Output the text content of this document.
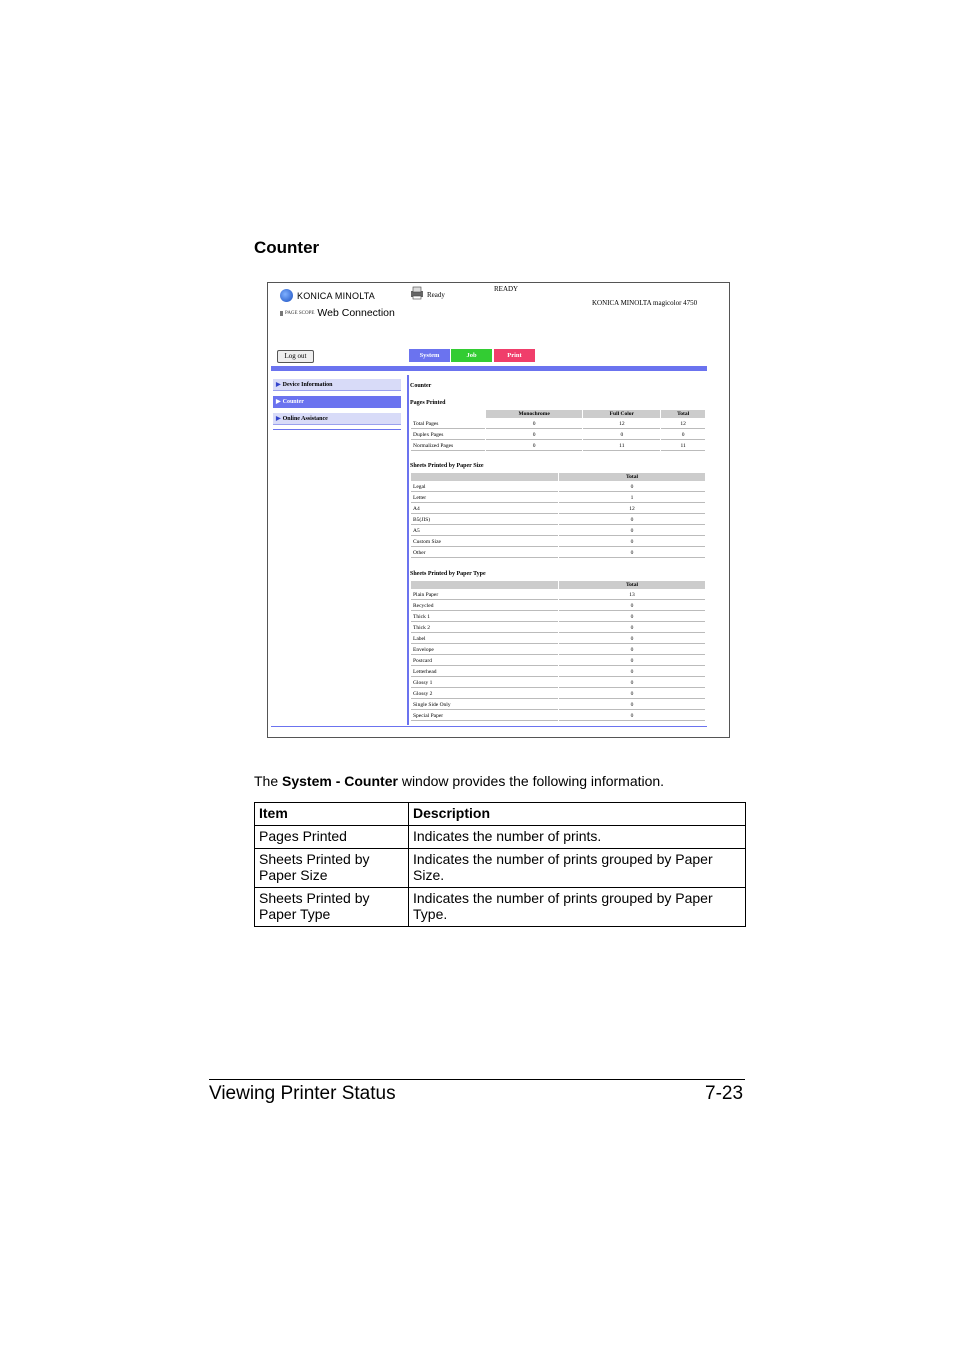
Counter
KONICA MINOLTA
PAGE SCOPE Web Connection
Ready
READY
KONICA MINOLTA magicolor 4750
Log out	System	Job	Print
▶ Device Information
▶ Counter
▶ Online Assistance
Counter
Pages Printed
	Monochrome	Full Color	Total
Total Pages	0	12	12
Duplex Pages	0	0	0
Normalized Pages	0	11	11
Sheets Printed by Paper Size
	Total
Legal	0
Letter	1
A4	12
B5(JIS)	0
A5	0
Custom Size	0
Other	0
Sheets Printed by Paper Type
	Total
Plain Paper	13
Recycled	0
Thick 1	0
Thick 2	0
Label	0
Envelope	0
Postcard	0
Letterhead	0
Glossy 1	0
Glossy 2	0
Single Side Only	0
Special Paper	0
The System - Counter window provides the following information.
Item	Description
Pages Printed	Indicates the number of prints.
Sheets Printed by Paper Size	Indicates the number of prints grouped by Paper Size.
Sheets Printed by Paper Type	Indicates the number of prints grouped by Paper Type.
Viewing Printer Status	7-23
